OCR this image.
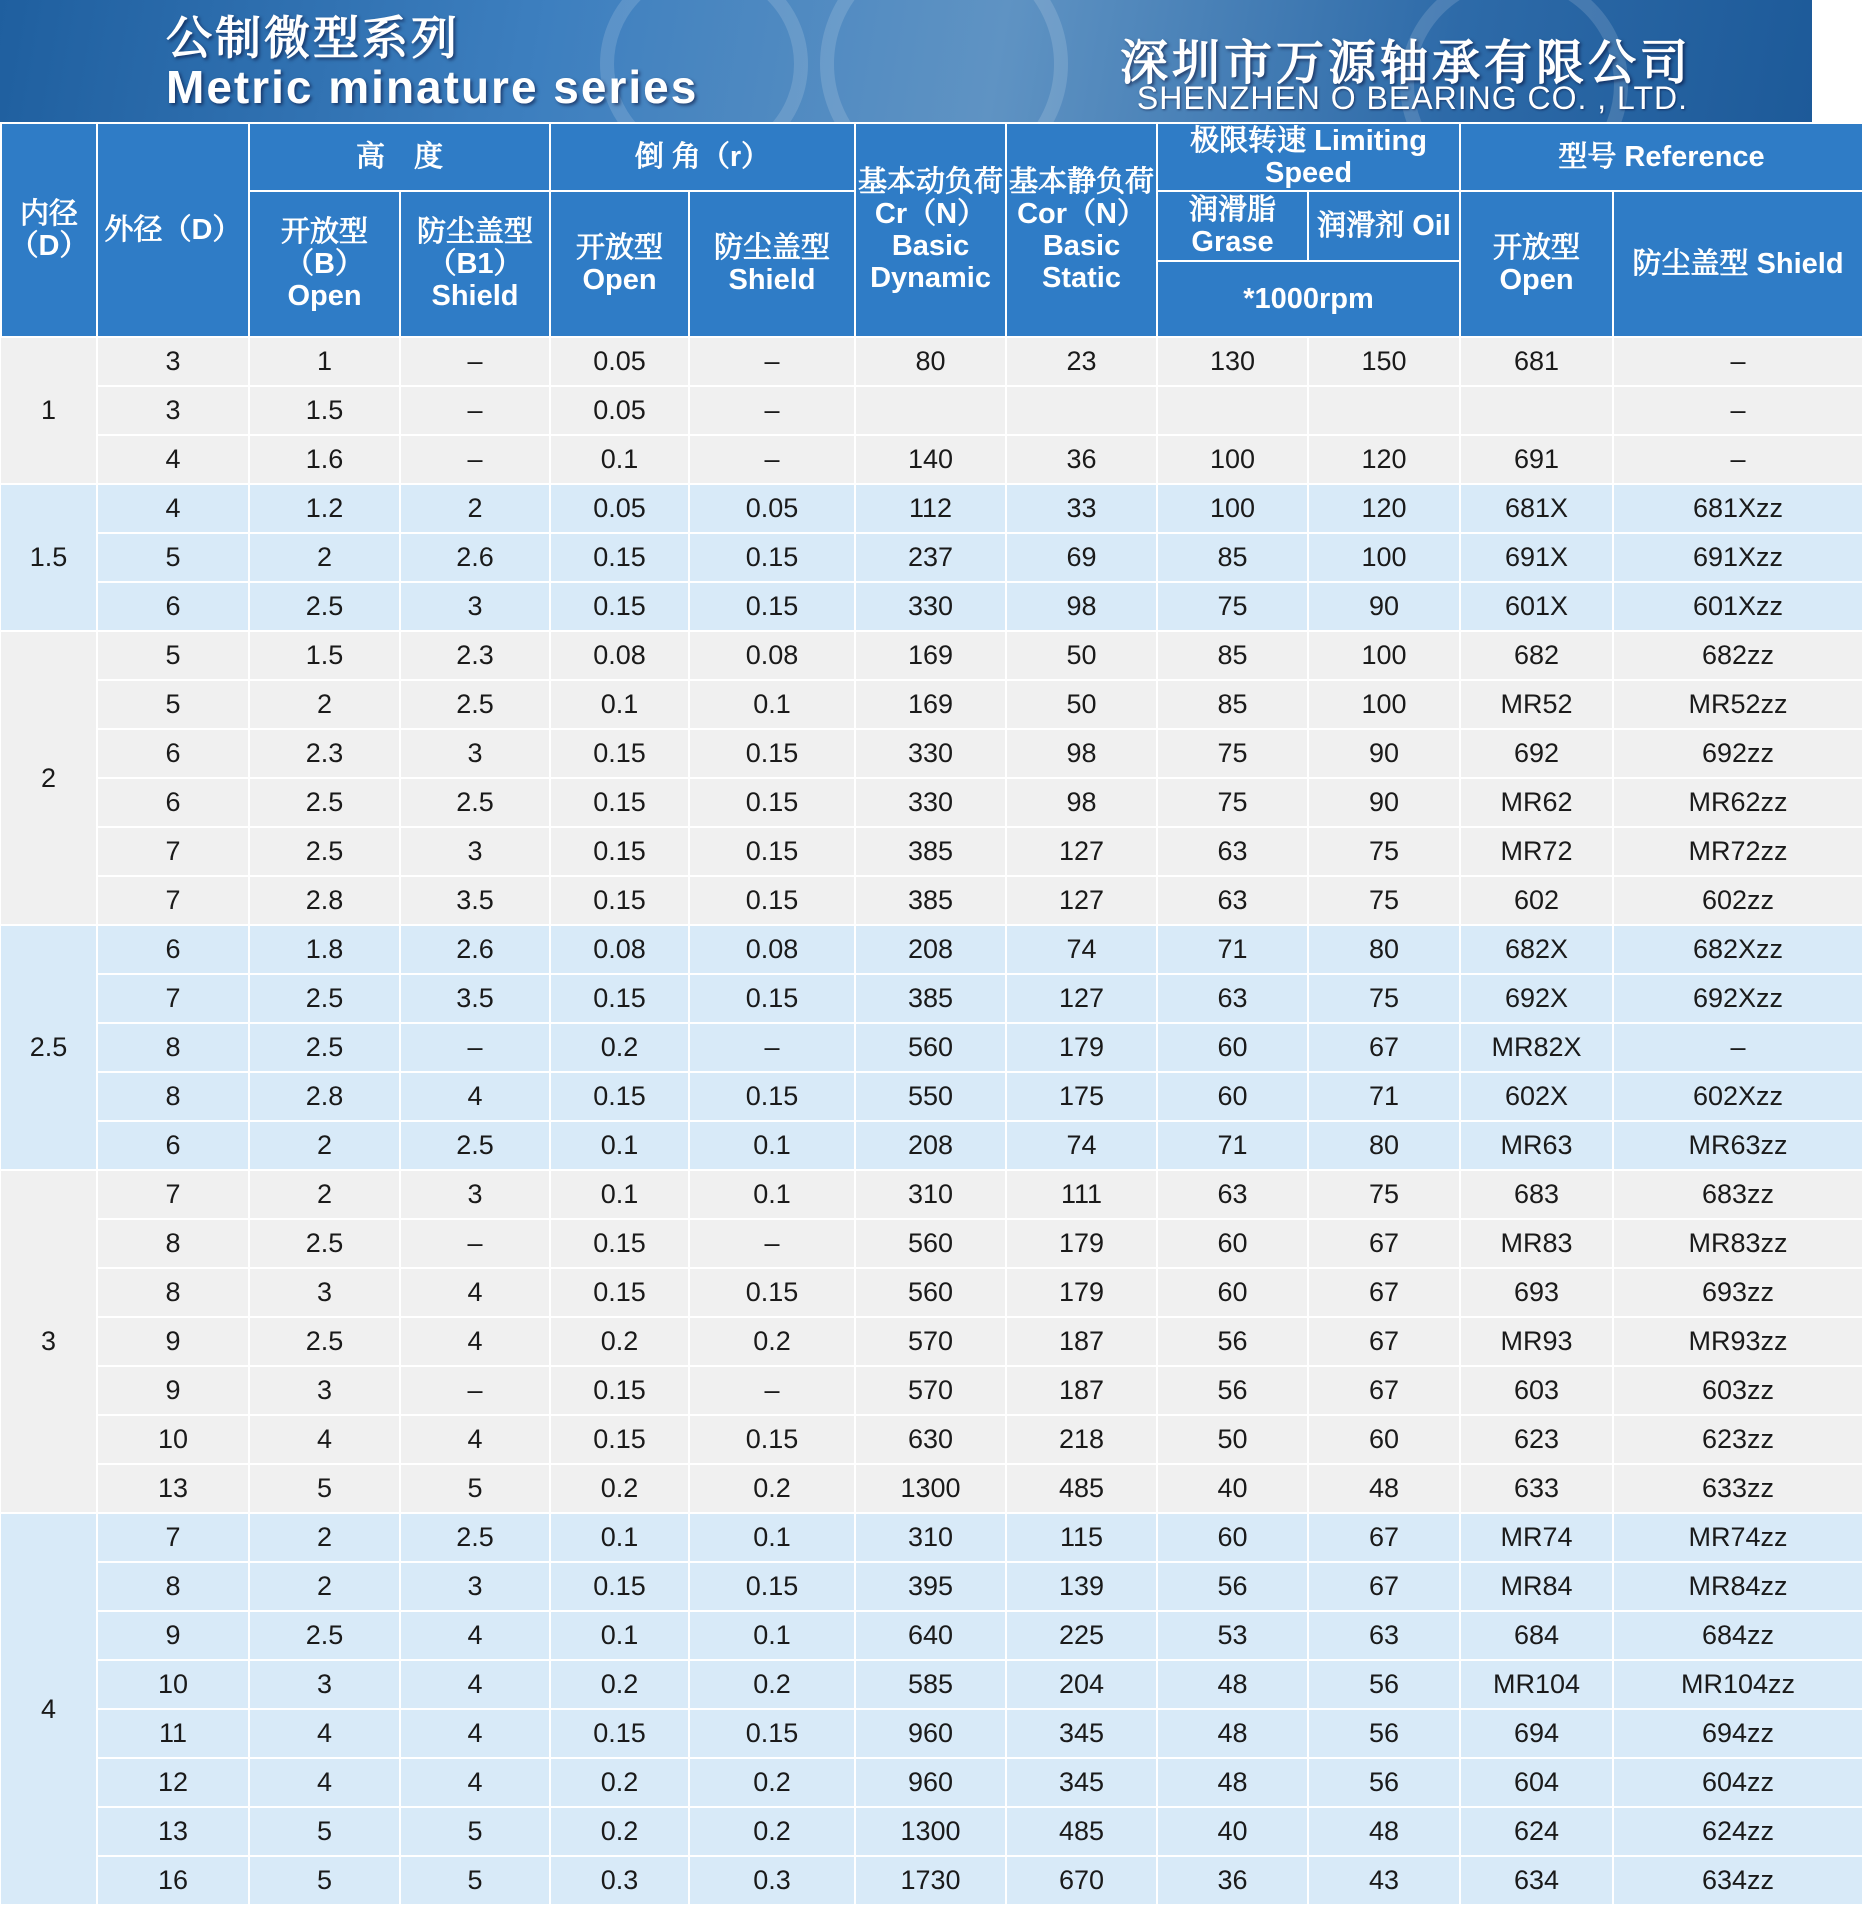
公制微型系列
Metric minature series	深圳市万源轴承有限公司
SHENZHEN O BEARING CO. , LTD.
内径（D）	外径（D）	高　度		倒 角（r）		基本动负荷 Cr（N）Basic Dynamic	基本静负荷 Cor（N）Basic Static	极限转速 Limiting Speed		型号 Reference	
		开放型（B）Open	防尘盖型（B1）Shield	开放型 Open	防尘盖型 Shield			润滑脂 Grase	润滑剂 Oil	开放型 Open	防尘盖型 Shield
								*1000rpm			
1	3	1	–	0.05	–	80	23	130	150	681	–
	3	1.5	–	0.05	–						–
	4	1.6	–	0.1	–	140	36	100	120	691	–
1.5	4	1.2	2	0.05	0.05	112	33	100	120	681X	681Xzz
	5	2	2.6	0.15	0.15	237	69	85	100	691X	691Xzz
	6	2.5	3	0.15	0.15	330	98	75	90	601X	601Xzz
2	5	1.5	2.3	0.08	0.08	169	50	85	100	682	682zz
	5	2	2.5	0.1	0.1	169	50	85	100	MR52	MR52zz
	6	2.3	3	0.15	0.15	330	98	75	90	692	692zz
	6	2.5	2.5	0.15	0.15	330	98	75	90	MR62	MR62zz
	7	2.5	3	0.15	0.15	385	127	63	75	MR72	MR72zz
	7	2.8	3.5	0.15	0.15	385	127	63	75	602	602zz
2.5	6	1.8	2.6	0.08	0.08	208	74	71	80	682X	682Xzz
	7	2.5	3.5	0.15	0.15	385	127	63	75	692X	692Xzz
	8	2.5	–	0.2	–	560	179	60	67	MR82X	–
	8	2.8	4	0.15	0.15	550	175	60	71	602X	602Xzz
	6	2	2.5	0.1	0.1	208	74	71	80	MR63	MR63zz
3	7	2	3	0.1	0.1	310	111	63	75	683	683zz
	8	2.5	–	0.15	–	560	179	60	67	MR83	MR83zz
	8	3	4	0.15	0.15	560	179	60	67	693	693zz
	9	2.5	4	0.2	0.2	570	187	56	67	MR93	MR93zz
	9	3	–	0.15	–	570	187	56	67	603	603zz
	10	4	4	0.15	0.15	630	218	50	60	623	623zz
	13	5	5	0.2	0.2	1300	485	40	48	633	633zz
4	7	2	2.5	0.1	0.1	310	115	60	67	MR74	MR74zz
	8	2	3	0.15	0.15	395	139	56	67	MR84	MR84zz
	9	2.5	4	0.1	0.1	640	225	53	63	684	684zz
	10	3	4	0.2	0.2	585	204	48	56	MR104	MR104zz
	11	4	4	0.15	0.15	960	345	48	56	694	694zz
	12	4	4	0.2	0.2	960	345	48	56	604	604zz
	13	5	5	0.2	0.2	1300	485	40	48	624	624zz
	16	5	5	0.3	0.3	1730	670	36	43	634	634zz
